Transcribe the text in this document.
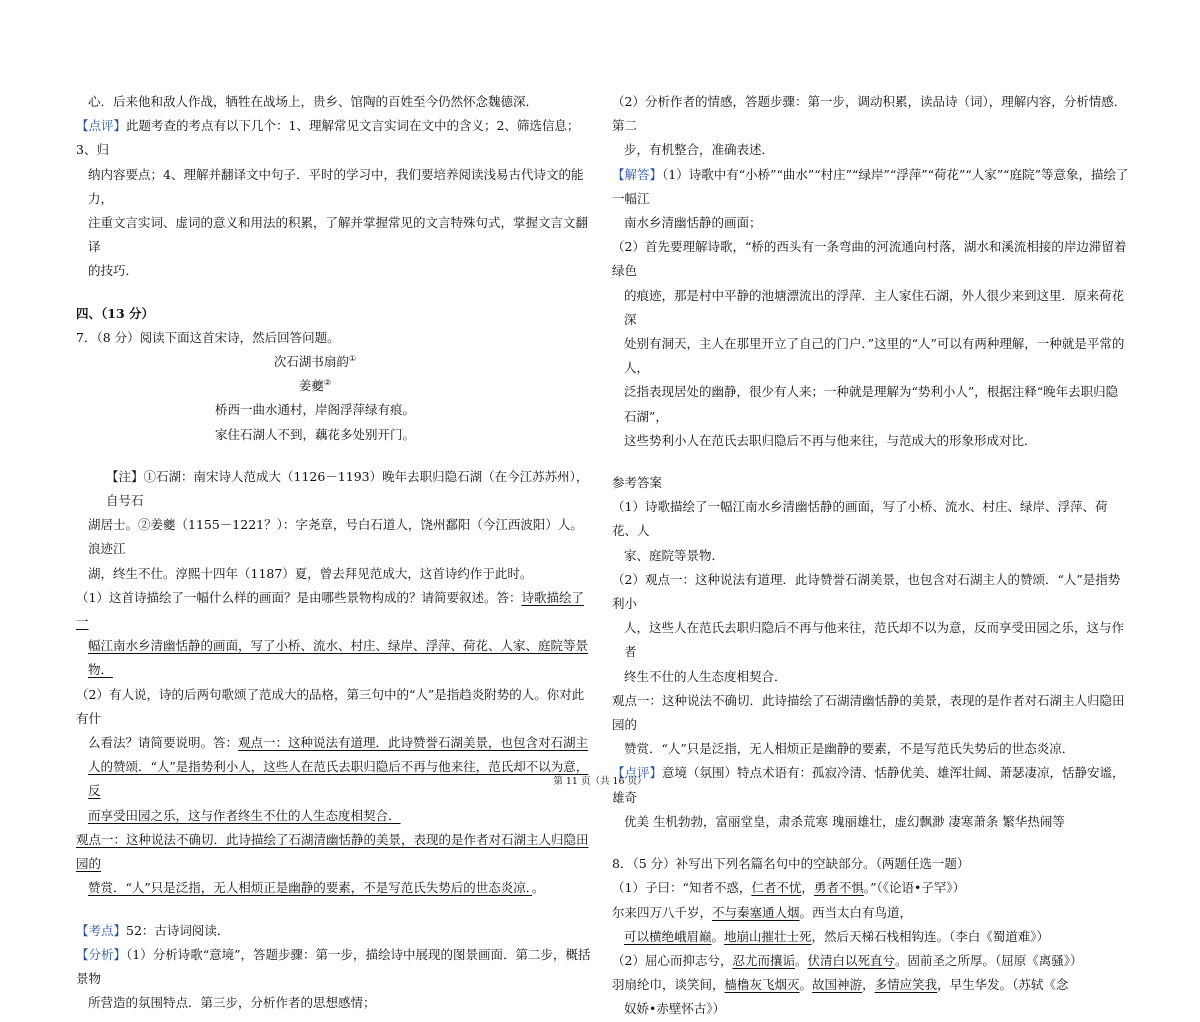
心．后来他和敌人作战，牺牲在战场上，贵乡、馆陶的百姓至今仍然怀念魏德深．

【点评】此题考查的考点有以下几个：1、理解常见文言实词在文中的含义；2、筛选信息；3、归

纳内容要点；4、理解并翻译文中句子．平时的学习中，我们要培养阅读浅易古代诗文的能力，

注重文言实词、虚词的意义和用法的积累，了解并掌握常见的文言特殊句式，掌握文言文翻译

的技巧．

四、（13 分）

7．（8 分）阅读下面这首宋诗，然后回答问题。

次石湖书扇韵①

姜夔②

桥西一曲水通村，岸阁浮萍绿有痕。

家住石湖人不到，藕花多处别开门。

【注】①石湖：南宋诗人范成大（1126－1193）晚年去职归隐石湖（在今江苏苏州），自号石

湖居士。②姜夔（1155－1221？）：字尧章，号白石道人，饶州鄱阳（今江西波阳）人。浪迹江

湖，终生不仕。淳熙十四年（1187）夏，曾去拜见范成大，这首诗约作于此时。

（1）这首诗描绘了一幅什么样的画面？是由哪些景物构成的？请简要叙述。答：诗歌描绘了一

幅江南水乡清幽恬静的画面，写了小桥、流水、村庄、绿岸、浮萍、荷花、人家、庭院等景物．

（2）有人说，诗的后两句歌颂了范成大的品格，第三句中的“人”是指趋炎附势的人。你对此有什

么看法？请简要说明。答：观点一：这种说法有道理．此诗赞誉石湖美景，也包含对石湖主

人的赞颂．“人”是指势利小人，这些人在范氏去职归隐后不再与他来往，范氏却不以为意，反

而享受田园之乐，这与作者终生不仕的人生态度相契合．

观点一：这种说法不确切．此诗描绘了石湖清幽恬静的美景，表现的是作者对石湖主人归隐田园的

赞赏．“人”只是泛指，无人相烦正是幽静的要素，不是写范氏失势后的世态炎凉．。

【考点】52：古诗词阅读．

【分析】（1）分析诗歌“意境”，答题步骤：第一步，描绘诗中展现的图景画面．第二步，概括景物

所营造的氛围特点．第三步，分析作者的思想感情；

（2）分析作者的情感，答题步骤：第一步，调动积累，读品诗（词），理解内容，分析情感．第二

步，有机整合，准确表述．

【解答】（1）诗歌中有“小桥”“曲水”“村庄”“绿岸”“浮萍”“荷花”“人家”“庭院”等意象，描绘了一幅江

南水乡清幽恬静的画面；

（2）首先要理解诗歌，“桥的西头有一条弯曲的河流通向村落，湖水和溪流相接的岸边滞留着绿色

的痕迹，那是村中平静的池塘漂流出的浮萍．主人家住石湖，外人很少来到这里．原来荷花深

处别有洞天，主人在那里开立了自己的门户．”这里的“人”可以有两种理解，一种就是平常的人，

泛指表现居处的幽静，很少有人来；一种就是理解为“势利小人”，根据注释“晚年去职归隐石湖”，

这些势利小人在范氏去职归隐后不再与他来往，与范成大的形象形成对比．

参考答案

（1）诗歌描绘了一幅江南水乡清幽恬静的画面，写了小桥、流水、村庄、绿岸、浮萍、荷花、人

家、庭院等景物．

（2）观点一：这种说法有道理．此诗赞誉石湖美景，也包含对石湖主人的赞颂．“人”是指势利小

人，这些人在范氏去职归隐后不再与他来往，范氏却不以为意，反而享受田园之乐，这与作者

终生不仕的人生态度相契合．

观点一：这种说法不确切．此诗描绘了石湖清幽恬静的美景，表现的是作者对石湖主人归隐田园的

赞赏．“人”只是泛指，无人相烦正是幽静的要素，不是写范氏失势后的世态炎凉．

【点评】意境（氛围）特点术语有：孤寂冷清、恬静优美、雄浑壮阔、萧瑟凄凉，恬静安谧，雄奇

优美 生机勃勃，富丽堂皇，肃杀荒寒 瑰丽雄壮，虚幻飘渺 凄寒萧条 繁华热闹等

8．（5 分）补写出下列名篇名句中的空缺部分。（两题任选一题）

（1）子曰：“知者不惑，仁者不忧，勇者不惧。”（《论语•子罕》）

尔来四万八千岁，不与秦塞通人烟。西当太白有鸟道，

可以横绝峨眉巅。地崩山摧壮士死，然后天梯石栈相钩连。（李白《蜀道难》）

（2）屈心而抑志兮，忍尤而攘诟。伏清白以死直兮。固前圣之所厚。（屈原《离骚》）

羽扇纶巾，谈笑间，樯橹灰飞烟灭。故国神游，多情应笑我，早生华发。（苏轼《念

奴娇•赤壁怀古》）

第 11 页（共 16 页）
